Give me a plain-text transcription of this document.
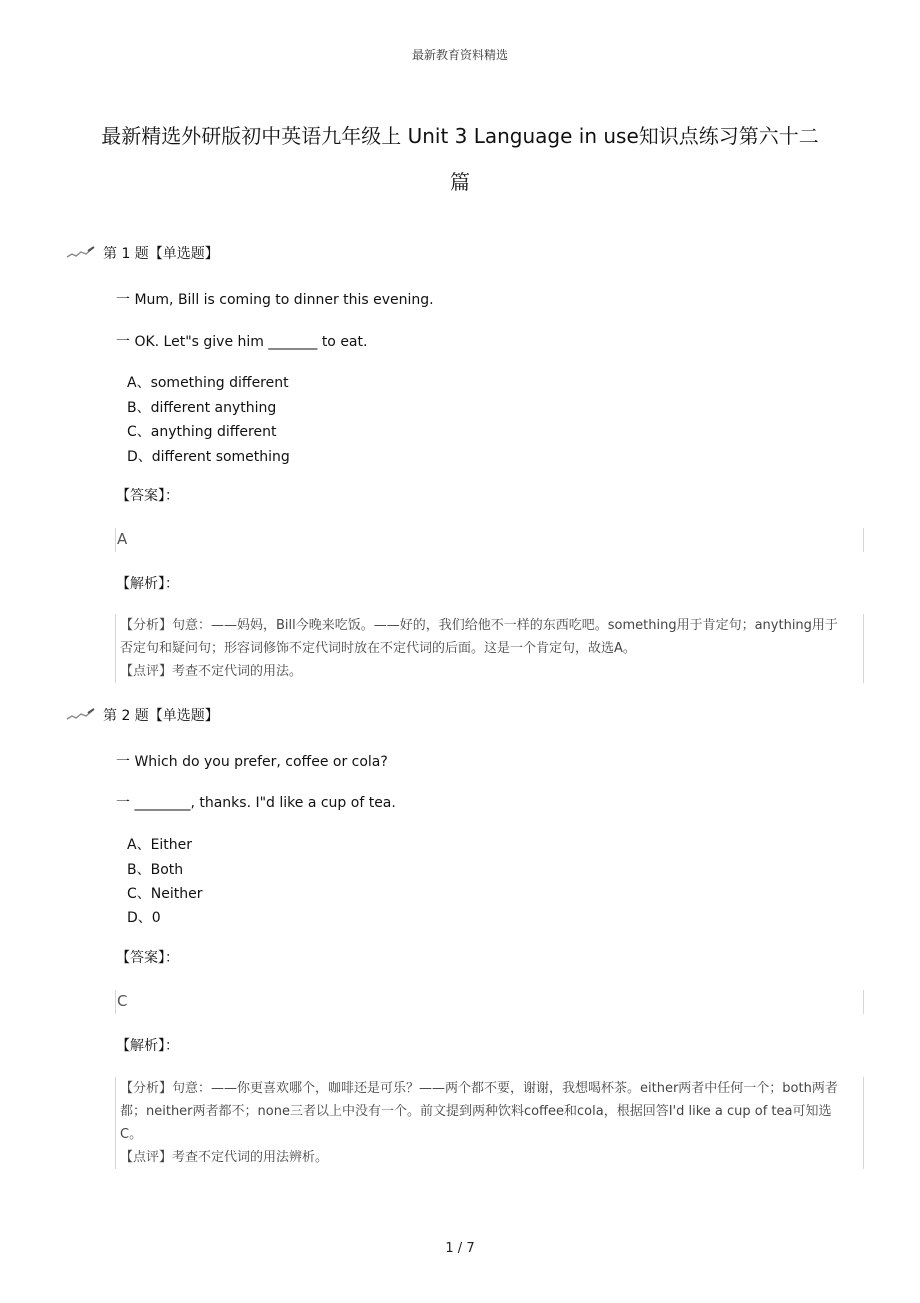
最新教育资料精选
最新精选外研版初中英语九年级上 Unit 3 Language in use知识点练习第六十二
篇
第 1 题【单选题】
一 Mum, Bill is coming to dinner this evening.
一 OK. Let"s give him _______ to eat.
A、something different
B、different anything
C、anything different
D、different something
【答案】：
A
【解析】：
【分析】句意：——妈妈，Bill今晚来吃饭。——好的，我们给他不一样的东西吃吧。something用于肯定句；anything用于
否定句和疑问句；形容词修饰不定代词时放在不定代词的后面。这是一个肯定句，故选A。
【点评】考查不定代词的用法。
第 2 题【单选题】
一 Which do you prefer, coffee or cola?
一 ________, thanks. I"d like a cup of tea.
A、Either
B、Both
C、Neither
D、0
【答案】：
C
【解析】：
【分析】句意：——你更喜欢哪个，咖啡还是可乐？——两个都不要，谢谢，我想喝杯茶。either两者中任何一个；both两者
都；neither两者都不；none三者以上中没有一个。前文提到两种饮料coffee和cola，根据回答I'd like a cup of tea可知选
C。
【点评】考查不定代词的用法辨析。
1 / 7
